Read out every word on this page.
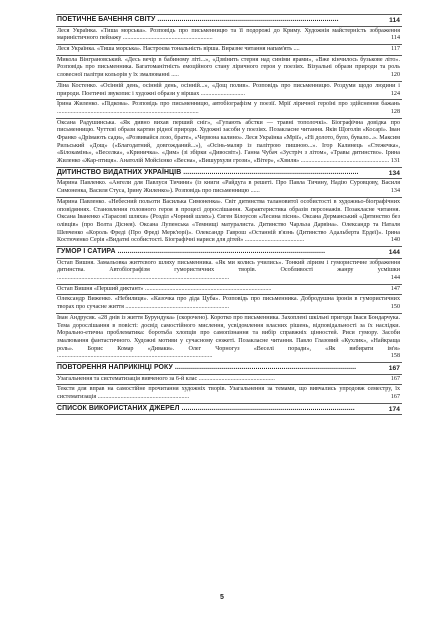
ПОЕТИЧНЕ БАЧЕННЯ СВІТУ ..........................................................................................	114
Леся Українка. «Тиша морська». Розповідь про письменницю та її подорожі до Криму. Художнія майстерність зображення мариністичного пейзажу ...........................................................	114
Леся Українка. «Тиша морська». Настроєва тональність вірша. Виразне читання напам'ять ....	117
Микола Вінграновський. «Десь вечір в бабиному літі...», «Дзвінить стерня над синіми ярами», «Вже кінчилось бузькове літо». Розповідь про письменника. Багатоманітність емоційного стану ліричного героя у поезіях. Візуальні образи природи та роль словесної палітри кольорів у їх змалюванні .....	120
Ліна Костенко. «Осінній день, осінній день, осінній...», «Дощ полив». Розповідь про письменницю. Роздуми щодо людини і природи. Поетичні звукопис і художні образи у віршах .............................	124
Ірина Жиленко. «Підкова». Розповідь про письменницю, автобіографізм у поезії. Мрії ліричної героїні про здійснення бажань .............................................................................................	128
Оксана Радушинська. «Як дивно вихав перший сніг», «Гупають абстки — травні тополочкі». Біографічна довідка про письменницю. Чуттєві образи картин рідної природи. Художні засоби у поезіях. Позакласне читання. Яків Щоголів «Косарі». Іван Франко «Дрімають сади», «Розвивайся лозо, брате», «Червона калино». Леся Українка «Мрії», «Ні долото, було, бувало...». Максим Рильський «Дощ» («Благодатний, довгожданий...»), «Осінь-маляр із палітрою пишною...». Ігор Калинець «Стежечка», «Білокамінь», «Веселка», «Криничка». «Дим» (зі збірки «Дивосвіт»). Ганна Чубач «Зустріч з літом», «Травы дитинство». Ірина Жиленко «Жар-птиця». Анатолій Мойсієнко «Весна», «Вишурхули грози», «Вітер», «Хвиля» .......................................................... 131
ДИТИНСТВО ВИДАТНИХ УКРАЇНЦІВ .......................................................................................	134
Марина Павленко. «Ангели для Павлуся Тичини» (із книги «Райдуга в решеті. Про Павла Тичину, Надію Суровцову, Василя Симоненка, Василя Стуса, Ірину Жиленко»). Розповідь про письменницю ......	134
Марина Павленко. «Небесний польоти Василька Симоненка». Світ дитинства талановитої особистості в художньо-біографічних оповідяннях. Становлення головного героя в процесі дорослішання. Характеристика образів персонажів. Позакласне читання. Оксана Іваненко «Тарасові шляхи» (Розділ «Чорний шлях»). Євген Білоусов «Лесина пісня». Оксана Дерманський «Дитинство без олівців» (про Волта Діснея). Оксана Лупенська «Темнищі матуралиста. Дитинство Чарльза Дарвіна». Олександр та Наталя Шевченко «Король Фреді (Про Фреді Мерк'юрі)». Олександр Гаврош «Останній в'язнь (Дитинство Адальберта Ердеї)». Ірина Костюченко Серія «Видатні особистості. Біографічні нариси для дітей» .......................................	140
ГУМОР І САТИРА .......................................................................................................	144
Остап Вишня. Замальовка життєвого шляху письменника. «Як ми колись учились». Тонкий ліризм і гумористичне зображення дитинства. Автобіографізм гумористичних творів. Особливості жанру усмішки .................................................................................................................	144
Остап Вишня «Перший диктант» ...................................................................................	147
Олександр Виженко. «Небилиця». «Казочка про діда Цуба». Розповідь про письменника. Добродушна іронія в гумористичних творах про сучасне життя ....................................................................	150
Іван Андрусяк. «28 днів із життя Бурундука» (скорочено). Коротко про письменника. Захоплені шкільні пригоди Івася Бондарчука. Тема дорослішання в повісті: досвід самостійного мислення, усвідомлення власних рішень, відповідальності за їх наслідки. Морально-етична проблематика: боротьба хлопців про самопізнання та вибір справжніх цінностей. Риси гумору. Засоби змалювання фантастичного. Художні мотиви у сучасному сюжеті. Позакласне читання. Павло Глазовий «Кухлик», «Найкраща роль». Борис Комар «Диваки». Олег Чорногуз «Веселі поради», «Як вибирати ім'я» ......................................................................................................	158
ПОВТОРЕННЯ НАПРИКІНЦІ РОКУ ..........................................................................................	167
Узагальнення та систематизація вивченого за 6-й клас ..................................................	167
Тексти для вправ на самостійне прочитання художніх творів. Узагальнення за темами, що вивчались упродовж семестру, їх систематизація ............................................................	167
СПИСОК ВИКОРИСТАНИХ ДЖЕРЕЛ ......................................................................................	174
5
